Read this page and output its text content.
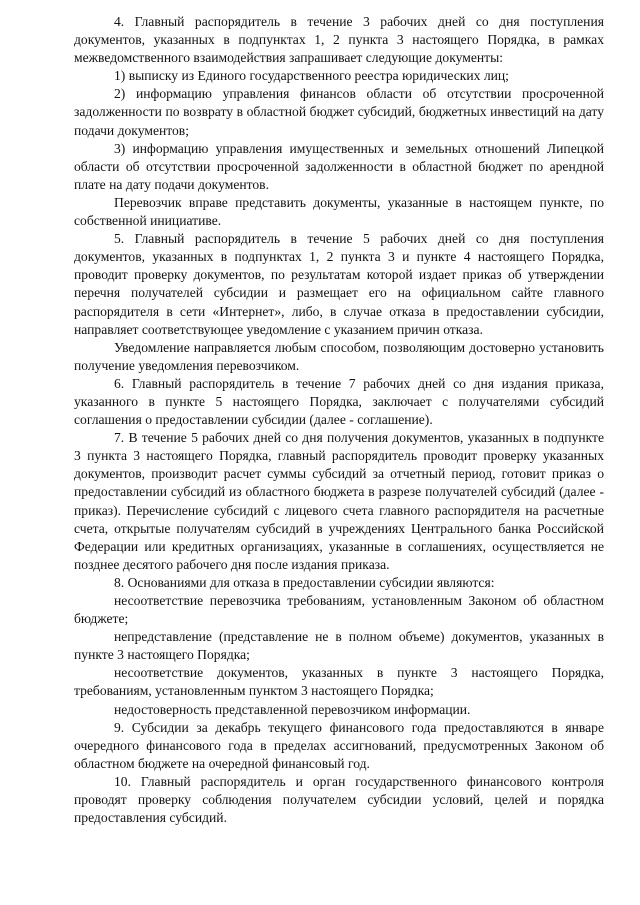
4. Главный распорядитель в течение 3 рабочих дней со дня поступления документов, указанных в подпунктах 1, 2 пункта 3 настоящего Порядка, в рамках межведомственного взаимодействия запрашивает следующие документы:

1) выписку из Единого государственного реестра юридических лиц;

2) информацию управления финансов области об отсутствии просроченной задолженности по возврату в областной бюджет субсидий, бюджетных инвестиций на дату подачи документов;

3) информацию управления имущественных и земельных отношений Липецкой области об отсутствии просроченной задолженности в областной бюджет по арендной плате на дату подачи документов.

Перевозчик вправе представить документы, указанные в настоящем пункте, по собственной инициативе.

5. Главный распорядитель в течение 5 рабочих дней со дня поступления документов, указанных в подпунктах 1, 2 пункта 3 и пункте 4 настоящего Порядка, проводит проверку документов, по результатам которой издает приказ об утверждении перечня получателей субсидии и размещает его на официальном сайте главного распорядителя в сети «Интернет», либо, в случае отказа в предоставлении субсидии, направляет соответствующее уведомление с указанием причин отказа.

Уведомление направляется любым способом, позволяющим достоверно установить получение уведомления перевозчиком.

6. Главный распорядитель в течение 7 рабочих дней со дня издания приказа, указанного в пункте 5 настоящего Порядка, заключает с получателями субсидий соглашения о предоставлении субсидии (далее - соглашение).

7. В течение 5 рабочих дней со дня получения документов, указанных в подпункте 3 пункта 3 настоящего Порядка, главный распорядитель проводит проверку указанных документов, производит расчет суммы субсидий за отчетный период, готовит приказ о предоставлении субсидий из областного бюджета в разрезе получателей субсидий (далее - приказ). Перечисление субсидий с лицевого счета главного распорядителя на расчетные счета, открытые получателям субсидий в учреждениях Центрального банка Российской Федерации или кредитных организациях, указанные в соглашениях, осуществляется не позднее десятого рабочего дня после издания приказа.

8. Основаниями для отказа в предоставлении субсидии являются:

несоответствие перевозчика требованиям, установленным Законом об областном бюджете;

непредставление (представление не в полном объеме) документов, указанных в пункте 3 настоящего Порядка;

несоответствие документов, указанных в пункте 3 настоящего Порядка, требованиям, установленным пунктом 3 настоящего Порядка;

недостоверность представленной перевозчиком информации.

9. Субсидии за декабрь текущего финансового года предоставляются в январе очередного финансового года в пределах ассигнований, предусмотренных Законом об областном бюджете на очередной финансовый год.

10. Главный распорядитель и орган государственного финансового контроля проводят проверку соблюдения получателем субсидии условий, целей и порядка предоставления субсидий.
